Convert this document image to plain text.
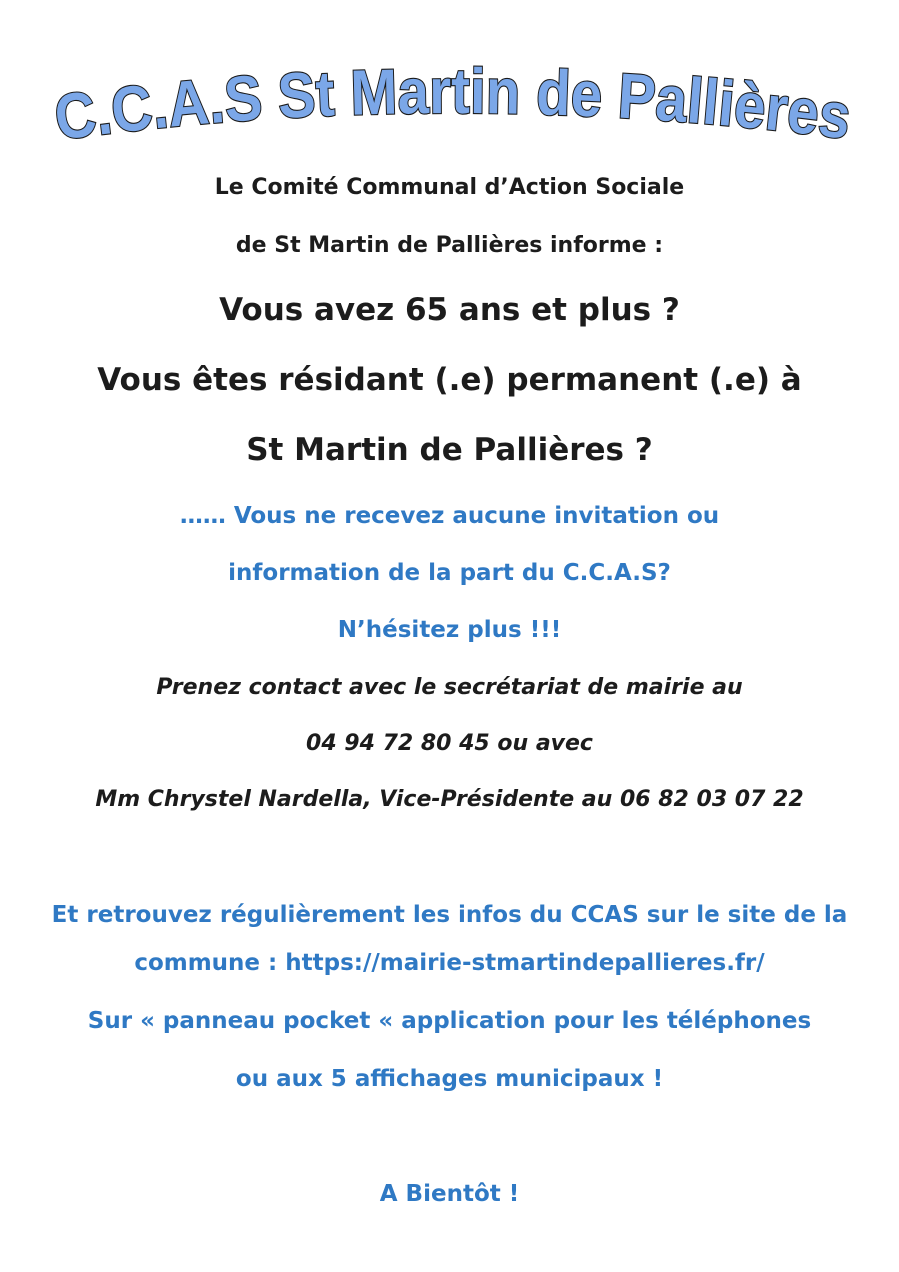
C.C.A.S St Martin de Pallières
Le Comité Communal d’Action Sociale
de St Martin de Pallières informe :
Vous avez 65 ans et plus ?
Vous êtes résidant (.e) permanent (.e) à
St Martin de Pallières ?
…… Vous ne recevez aucune invitation ou
information de la part du C.C.A.S?
N’hésitez plus !!!
Prenez contact avec le secrétariat de mairie au
04 94 72 80 45 ou avec
Mm Chrystel Nardella, Vice-Présidente au 06 82 03 07 22
Et retrouvez régulièrement les infos du CCAS sur le site de la
commune : https://mairie-stmartindepallieres.fr/
Sur « panneau pocket « application pour les téléphones
ou aux 5 affichages municipaux !
A Bientôt !
